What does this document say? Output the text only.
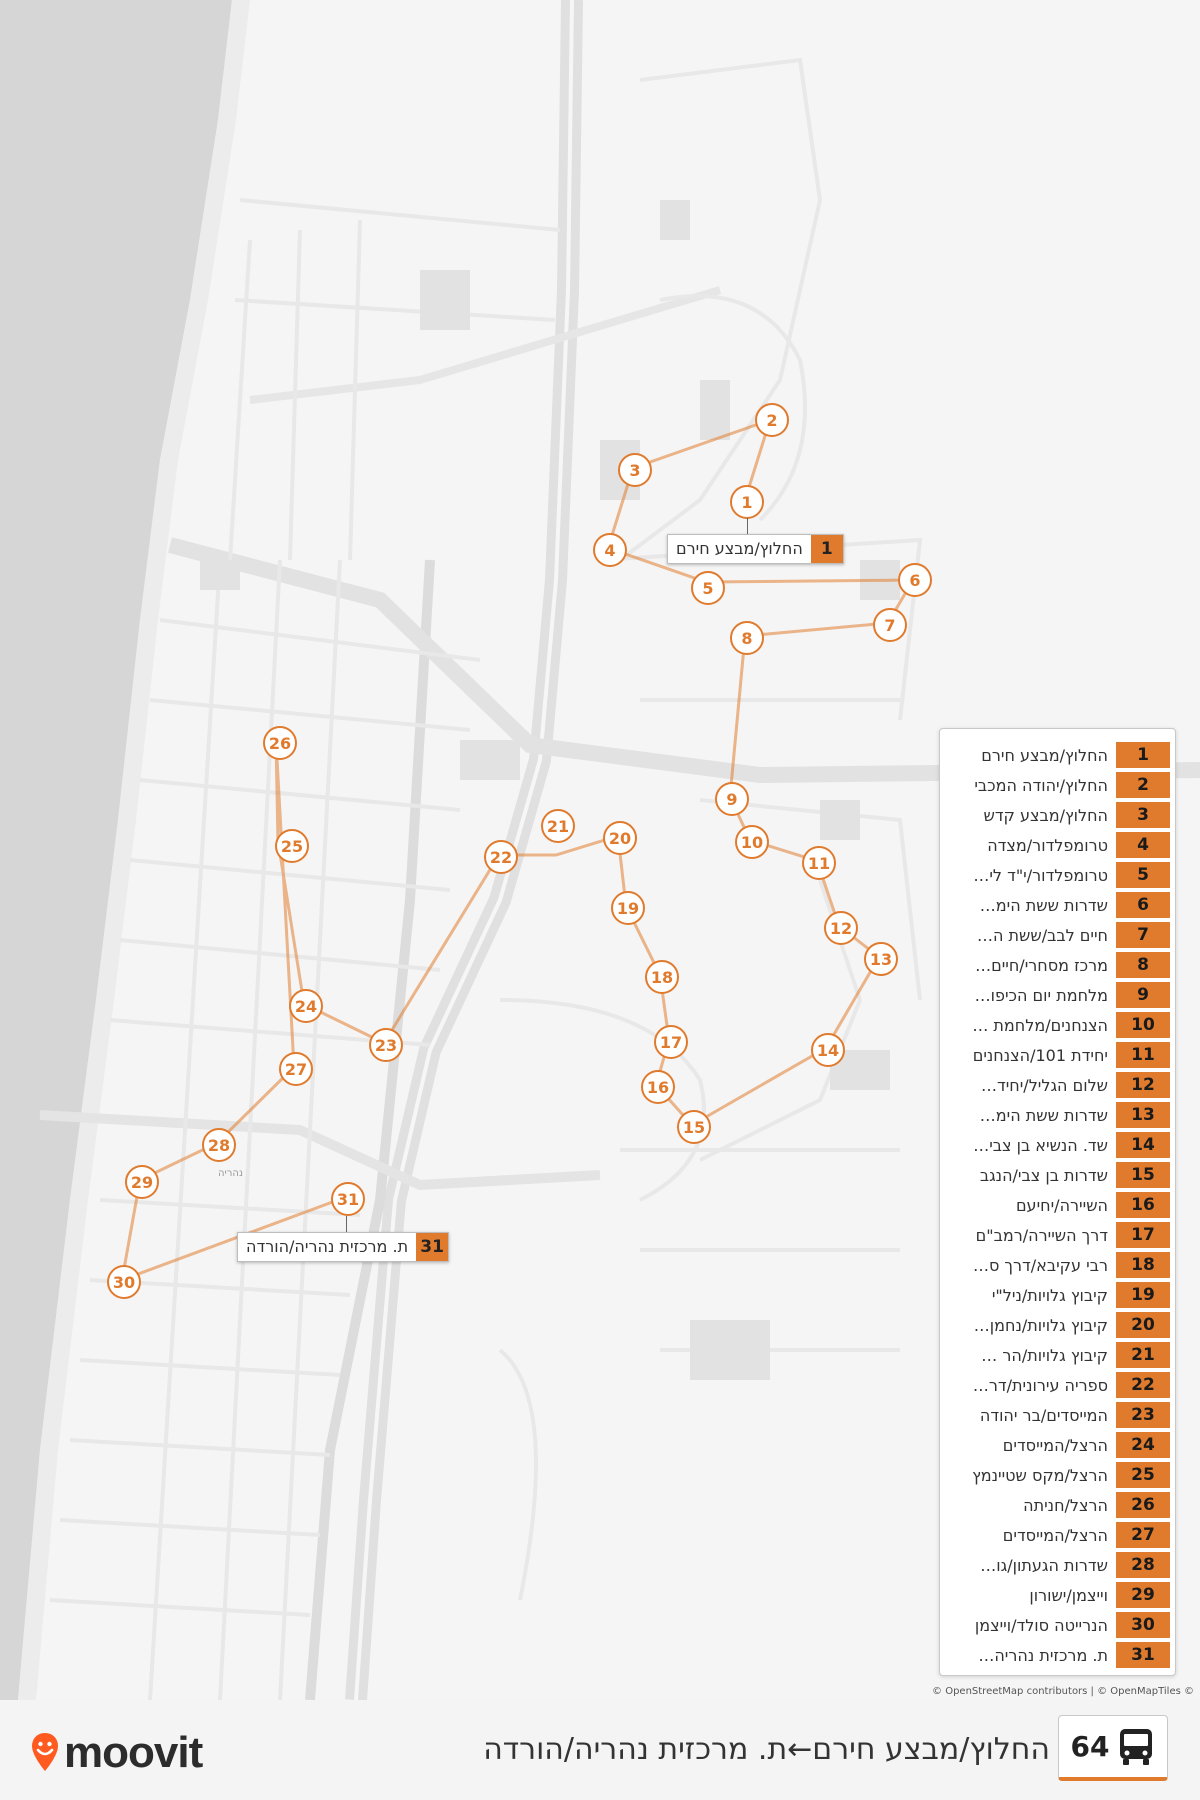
נהריה
1
2
3
4
5	6
7
8
9
10
11
12
13
14
15
16
17
18
19
20
21
22
23
24
25
26
27
28
29
30
31
החלוץ/מבצע חירם	1
ת. מרכזית נהריה/הורדה 31
החלוץ/מבצע חירם	1
החלוץ/יהודה המכבי	2
החלוץ/מבצע קדש	3
טרומפלדור/מצדה	4
טרומפלדור/י"ד לי…	5
שדרות ששת הימ…	6
חיים לבב/ששת ה…	7
מרכז מסחרי/חיים…	8
מלחמת יום הכיפו…	9
הצנחנים/מלחמת …	10
יחידת 101/הצנחנים	11
שלום הגליל/יחיד…	12
שדרות ששת הימ…	13
שד. הנשיא בן צבי…	14
שדרות בן צבי/הנגב	15
השיירה/יחיעם	16
דרך השיירה/רמב"ם	17
רבי עקיבא/דרך ס…	18
קיבוץ גלויות/ניל"י	19
קיבוץ גלויות/נחמן…	20
קיבוץ גלויות/הר …	21
ספריה עירונית/דר…	22
המייסדים/בר יהודה	23
הרצל/המייסדים	24
הרצל/מקס שטיינמץ	25
הרצל/חניתה	26
הרצל/המייסדים	27
שדרות הגעתון/גו…	28
וייצמן/ישורון	29
הנרייטה סולד/וייצמן	30
ת. מרכזית נהריה…	31
© OpenStreetMap contributors | © OpenMapTiles ©
moovit	החלוץ/מבצע חירם←ת. מרכזית נהריה/הורדה 64
